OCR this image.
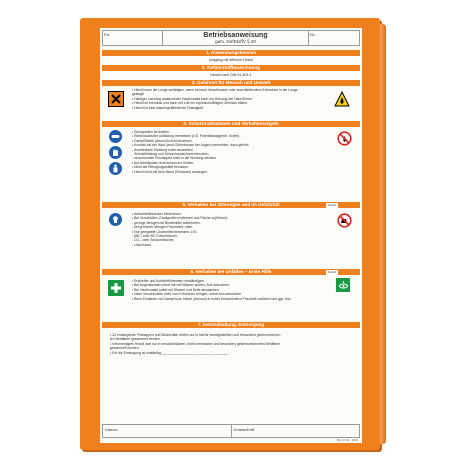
Fa:	Betriebsanweisung
gem. GefStoffV § 20
Nr.:
1. Anwendungsbereich
Umgang mit offenem Heizöl
2. Gefahrstoffbezeichnung
Heizöl nach DIN 51 603-1
3. Gefahren für Mensch und Umwelt
• Heizöl kann die Lunge schädigen, wenn es beim Verschlucken oder anschließendem Erbrechen in die Lunge
gelangt!
• Häufiger und lang andauernder Hautkontakt kann zur Reizung der Haut führen.
• Heizöl ist brennbar und kann mit Luft ein explosionsfähiges Gemisch bilden.
• Heizöl ist eine wassergefährdende Flüssigkeit.
4. Schutzmaßnahmen und Verhaltensregeln
• Zündquellen fernhalten.
• Elektrostatische Aufladung vermeiden (z.B. Potentialausgleich, Erden).
• Dampf/Nebel (Aerosol) nicht einatmen.
• Kontakt mit der Haut (auch Schleimhaut der Augen) vermeiden, dazu gehört:
- durchtränkte Kleidung sofort ausziehen,
- Schutzkleidung und Schutzhandschuhe benutzen,
- verschmutzte Putzlappen nicht in die Kleidung stecken.
• Am Arbeitsplatz nicht essen und trinken.
• Nicht als Reinigungsmittel benutzen.
• Heizöl nicht mit dem Mund (Schlauch) ansaugen.
5. Verhalten bei Störungen und im Gefahrfall	Notruf
• Aufsichtsführenden informieren.
• Bei Verschütten Zündquellen entfernen und Fläche zu(führen):
- geringe Mengen mit Bindemittel aufnehmen,
- bei größeren Mengen Feuerwehr rufen.
• Nur geeignete Löschmittel einsetzen, z.B.:
- ABC- oder BC-Pulverlöscher,
- CO₂- oder Schaumlöscher,
- Löschsand.
6. Verhalten bei Unfällen – Erste Hilfe	Notruf
• Ersthelfer und Aufsichtführenden verständigen.
• Bei Augenkontakt sofort mit viel Wasser spülen, Arzt aufsuchen.
• Bei Hautkontakt sofort mit Wasser und Seife abwaschen.
• Nach Verschlucken nicht zum Erbrechen bringen; sofort Arzt aufsuchen.
• Beim Einatmen von Dampf bzw. Nebel (Aerosol) in hoher Konzentration Frischluft zuführen und ggf. Arzt
7. Instandhaltung, Entsorgung
• Zu entsorgende Putzlappen und Bindemittel dürfen nur in hierfür bereitgestellten und besonders gekennzeichne-
ten Behältern gesammelt werden.
• Verunreinigtes Heizöl darf nur in verschließbaren, nicht brennbaren und besonders gekennzeichneten Behältern
gesammelt werden.
• Für die Entsorgung ist zuständig: ___________________________________
Datum:	Unterschrift:
BA 1 F 02 - 2002
